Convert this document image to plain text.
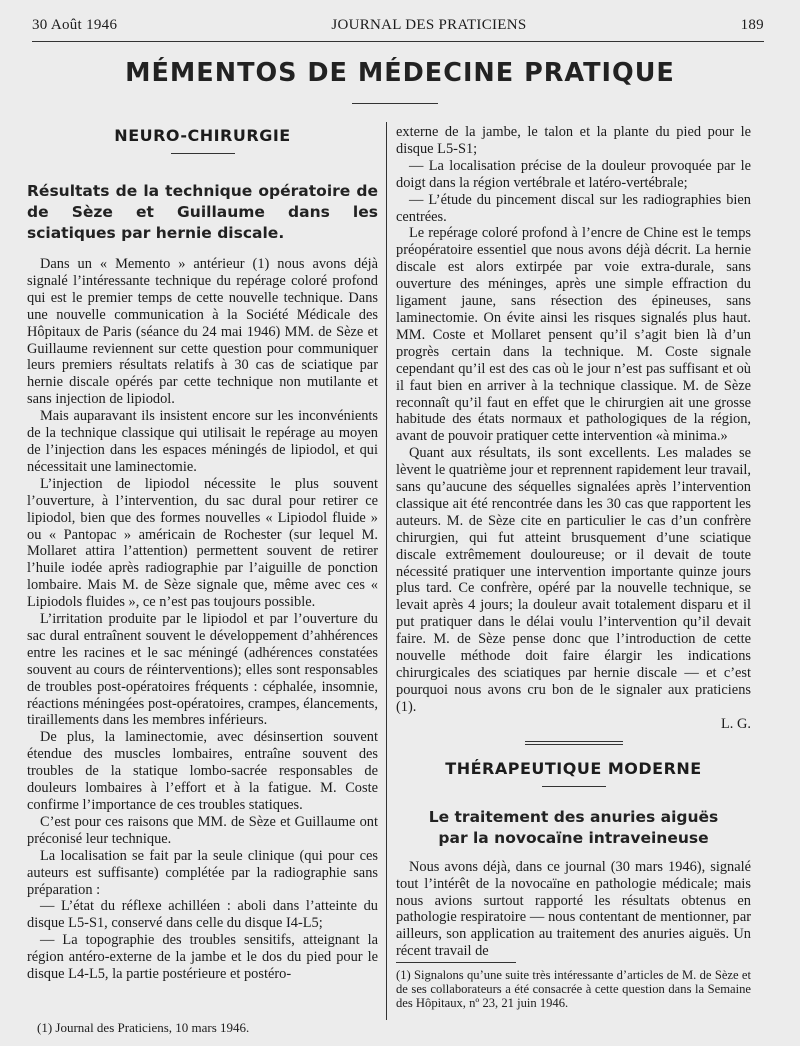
30 Août 1946	JOURNAL DES PRATICIENS	189
MÉMENTOS DE MÉDECINE PRATIQUE

NEURO-CHIRURGIE

Résultats de la technique opératoire de de Sèze et Guillaume dans les sciatiques par hernie discale.

Dans un « Memento » antérieur (1) nous avons déjà signalé l’intéressante technique du repérage coloré profond qui est le premier temps de cette nouvelle technique. Dans une nouvelle communication à la Société Médicale des Hôpitaux de Paris (séance du 24 mai 1946) MM. de Sèze et Guillaume reviennent sur cette question pour communiquer leurs premiers résultats relatifs à 30 cas de sciatique par hernie discale opérés par cette technique non mutilante et sans injection de lipiodol.

Mais auparavant ils insistent encore sur les inconvénients de la technique classique qui utilisait le repérage au moyen de l’injection dans les espaces méningés de lipiodol, et qui nécessitait une laminectomie.

L’injection de lipiodol nécessite le plus souvent l’ouverture, à l’intervention, du sac dural pour retirer ce lipiodol, bien que des formes nouvelles « Lipiodol fluide » ou « Pantopac » américain de Rochester (sur lequel M. Mollaret attira l’attention) permettent souvent de retirer l’huile iodée après radiographie par l’aiguille de ponction lombaire. Mais M. de Sèze signale que, même avec ces « Lipiodols fluides », ce n’est pas toujours possible.

L’irritation produite par le lipiodol et par l’ouverture du sac dural entraînent souvent le développement d’ahhérences entre les racines et le sac méningé (adhérences constatées souvent au cours de réinterventions); elles sont responsables de troubles post-opératoires fréquents : céphalée, insomnie, réactions méningées post-opératoires, crampes, élancements, tiraillements dans les membres inférieurs.

De plus, la laminectomie, avec désinsertion souvent étendue des muscles lombaires, entraîne souvent des troubles de la statique lombo-sacrée responsables de douleurs lombaires à l’effort et à la fatigue. M. Coste confirme l’importance de ces troubles statiques.

C’est pour ces raisons que MM. de Sèze et Guillaume ont préconisé leur technique.

La localisation se fait par la seule clinique (qui pour ces auteurs est suffisante) complétée par la radiographie sans préparation :

— L’état du réflexe achilléen : aboli dans l’atteinte du disque L5-S1, conservé dans celle du disque I4-L5;

— La topographie des troubles sensitifs, atteignant la région antéro-externe de la jambe et le dos du pied pour le disque L4-L5, la partie postérieure et postéro-

(1) Journal des Praticiens, 10 mars 1946.

externe de la jambe, le talon et la plante du pied pour le disque L5-S1;

— La localisation précise de la douleur provoquée par le doigt dans la région vertébrale et latéro-vertébrale;

— L’étude du pincement discal sur les radiographies bien centrées.

Le repérage coloré profond à l’encre de Chine est le temps préopératoire essentiel que nous avons déjà décrit. La hernie discale est alors extirpée par voie extra-durale, sans ouverture des méninges, après une simple effraction du ligament jaune, sans résection des épineuses, sans laminectomie. On évite ainsi les risques signalés plus haut. MM. Coste et Mollaret pensent qu’il s’agit bien là d’un progrès certain dans la technique. M. Coste signale cependant qu’il est des cas où le jour n’est pas suffisant et où il faut bien en arriver à la technique classique. M. de Sèze reconnaît qu’il faut en effet que le chirurgien ait une grosse habitude des états normaux et pathologiques de la région, avant de pouvoir pratiquer cette intervention «à minima.»

Quant aux résultats, ils sont excellents. Les malades se lèvent le quatrième jour et reprennent rapidement leur travail, sans qu’aucune des séquelles signalées après l’intervention classique ait été rencontrée dans les 30 cas que rapportent les auteurs. M. de Sèze cite en particulier le cas d’un confrère chirurgien, qui fut atteint brusquement d’une sciatique discale extrêmement douloureuse; or il devait de toute nécessité pratiquer une intervention importante quinze jours plus tard. Ce confrère, opéré par la nouvelle technique, se levait après 4 jours; la douleur avait totalement disparu et il put pratiquer dans le délai voulu l’intervention qu’il devait faire. M. de Sèze pense donc que l’introduction de cette nouvelle méthode doit faire élargir les indications chirurgicales des sciatiques par hernie discale — et c’est pourquoi nous avons cru bon de le signaler aux praticiens (1).

L. G.

THÉRAPEUTIQUE MODERNE

Le traitement des anuries aiguës

par la novocaïne intraveineuse

Nous avons déjà, dans ce journal (30 mars 1946), signalé tout l’intérêt de la novocaïne en pathologie médicale; mais nous avions surtout rapporté les résultats obtenus en pathologie respiratoire — nous contentant de mentionner, par ailleurs, son application au traitement des anuries aiguës. Un récent travail de

(1) Signalons qu’une suite très intéressante d’articles de M. de Sèze et de ses collaborateurs a été consacrée à cette question dans la Semaine des Hôpitaux, nº 23, 21 juin 1946.
